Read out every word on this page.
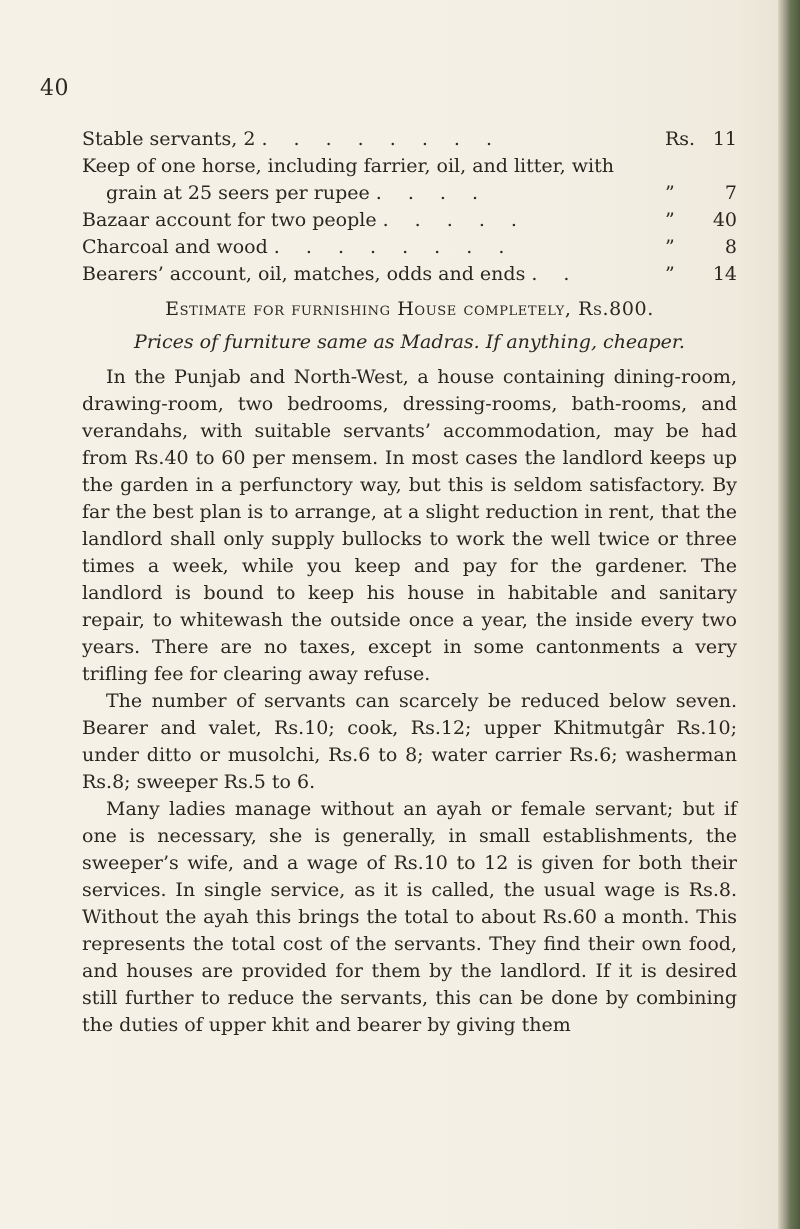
40
Stable servants, 2 . . . . . . . .	Rs. 11
Keep of one horse, including farrier, oil, and litter, with
grain at 25 seers per rupee . . . .	”	7
Bazaar account for two people . . . . .	” 40
Charcoal and wood . . . . . . . .	”	8
Bearers’ account, oil, matches, odds and ends . .	” 14
Estimate for furnishing House completely, Rs.800.
Prices of furniture same as Madras. If anything, cheaper.

In the Punjab and North-West, a house containing dining-room, drawing-room, two bedrooms, dressing-rooms, bath-rooms, and verandahs, with suitable servants’ accommodation, may be had from Rs.40 to 60 per mensem. In most cases the landlord keeps up the garden in a perfunctory way, but this is seldom satisfactory. By far the best plan is to arrange, at a slight reduction in rent, that the landlord shall only supply bullocks to work the well twice or three times a week, while you keep and pay for the gardener. The landlord is bound to keep his house in habitable and sanitary repair, to whitewash the outside once a year, the inside every two years. There are no taxes, except in some cantonments a very trifling fee for clearing away refuse.

The number of servants can scarcely be reduced below seven. Bearer and valet, Rs.10; cook, Rs.12; upper Khitmutgâr Rs.10; under ditto or musolchi, Rs.6 to 8; water carrier Rs.6; washerman Rs.8; sweeper Rs.5 to 6.

Many ladies manage without an ayah or female servant; but if one is necessary, she is generally, in small establishments, the sweeper’s wife, and a wage of Rs.10 to 12 is given for both their services. In single service, as it is called, the usual wage is Rs.8. Without the ayah this brings the total to about Rs.60 a month. This represents the total cost of the servants. They find their own food, and houses are provided for them by the landlord. If it is desired still further to reduce the servants, this can be done by combining the duties of upper khit and bearer by giving them
